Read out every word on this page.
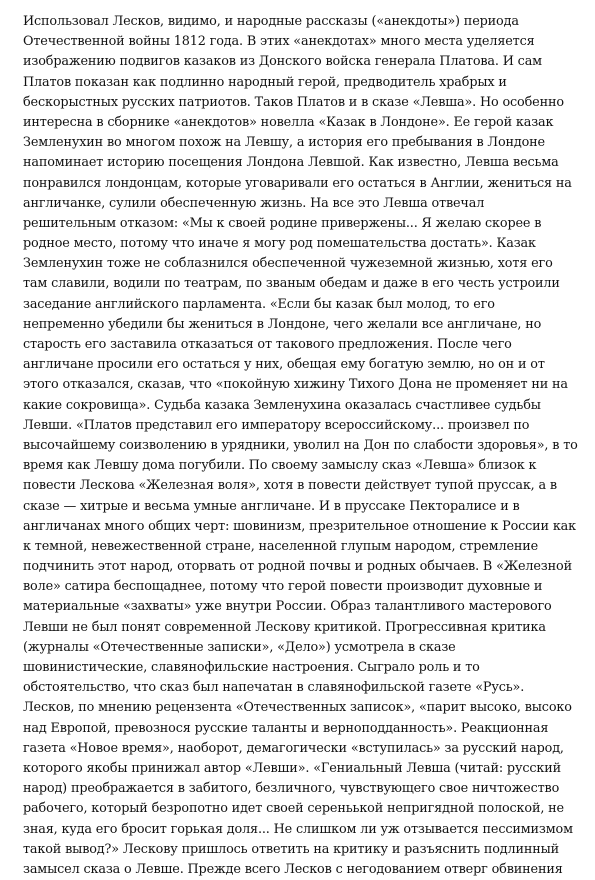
Использовал Лесков, видимо, и народные рассказы («анекдоты») периода
Отечественной войны 1812 года. В этих «анекдотах» много места уделяется
изображению подвигов казаков из Донского войска генерала Платова. И сам
Платов показан как подлинно народный герой, предводитель храбрых и
бескорыстных русских патриотов. Таков Платов и в сказе «Левша». Но особенно
интересна в сборнике «анекдотов» новелла «Казак в Лондоне». Ее герой казак
Земленухин во многом похож на Левшу, а история его пребывания в Лондоне
напоминает историю посещения Лондона Левшой. Как известно, Левша весьма
понравился лондонцам, которые уговаривали его остаться в Англии, жениться на
англичанке, сулили обеспеченную жизнь. На все это Левша отвечал
решительным отказом: «Мы к своей родине привержены... Я желаю скорее в
родное место, потому что иначе я могу род помешательства достать». Казак
Земленухин тоже не соблазнился обеспеченной чужеземной жизнью, хотя его
там славили, водили по театрам, по званым обедам и даже в его честь устроили
заседание английского парламента. «Если бы казак был молод, то его
непременно убедили бы жениться в Лондоне, чего желали все англичане, но
старость его заставила отказаться от такового предложения. После чего
англичане просили его остаться у них, обещая ему богатую землю, но он и от
этого отказался, сказав, что «покойную хижину Тихого Дона не променяет ни на
какие сокровища». Судьба казака Земленухина оказалась счастливее судьбы
Левши. «Платов представил его императору всероссийскому... произвел по
высочайшему соизволению в урядники, уволил на Дон по слабости здоровья», в то
время как Левшу дома погубили. По своему замыслу сказ «Левша» близок к
повести Лескова «Железная воля», хотя в повести действует тупой пруссак, а в
сказе — хитрые и весьма умные англичане. И в пруссаке Пекторалисе и в
англичанах много общих черт: шовинизм, презрительное отношение к России как
к темной, невежественной стране, населенной глупым народом, стремление
подчинить этот народ, оторвать от родной почвы и родных обычаев. В «Железной
воле» сатира беспощаднее, потому что герой повести производит духовные и
материальные «захваты» уже внутри России. Образ талантливого мастерового
Левши не был понят современной Лескову критикой. Прогрессивная критика
(журналы «Отечественные записки», «Дело») усмотрела в сказе
шовинистические, славянофильские настроения. Сыграло роль и то
обстоятельство, что сказ был напечатан в славянофильской газете «Русь».
Лесков, по мнению рецензента «Отечественных записок», «парит высоко, высоко
над Европой, превознося русские таланты и верноподданность». Реакционная
газета «Новое время», наоборот, демагогически «вступилась» за русский народ,
которого якобы принижал автор «Левши». «Гениальный Левша (читай: русский
народ) преображается в забитого, безличного, чувствующего свое ничтожество
рабочего, который безропотно идет своей сереньькой непригядной полоской, не
зная, куда его бросит горькая доля... Не слишком ли уж отзывается пессимизмом
такой вывод?» Лескову пришлось ответить на критику и разъяснить подлинный
замысел сказа о Левше. Прежде всего Лесков с негодованием отверг обвинения
